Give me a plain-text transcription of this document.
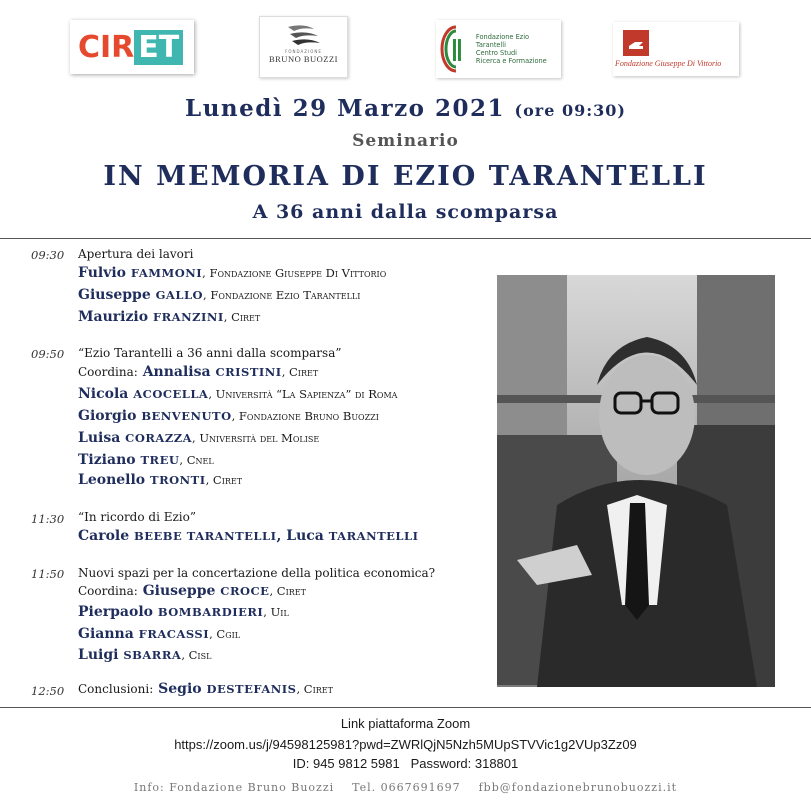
CIR ET	FONDAZIONE
BRUNO BUOZZI
Fondazione Ezio Tarantelli
Centro Studi
Ricerca e Formazione	Fondazione Giuseppe Di Vittorio
Lunedì 29 Marzo 2021 (ore 09:30)
Seminario
IN MEMORIA DI EZIO TARANTELLI
A 36 anni dalla scomparsa
09:30 Apertura dei lavori
Fulvio FAMMONI, Fondazione Giuseppe Di Vittorio
Giuseppe GALLO, Fondazione Ezio Tarantelli
Maurizio FRANZINI, Ciret
09:50 “Ezio Tarantelli a 36 anni dalla scomparsa”
Coordina: Annalisa CRISTINI, Ciret
Nicola ACOCELLA, Università “La Sapienza” di Roma
Giorgio BENVENUTO, Fondazione Bruno Buozzi
Luisa CORAZZA, Università del Molise
Tiziano TREU, Cnel
Leonello TRONTI, Ciret
11:30 “In ricordo di Ezio”
Carole BEEBE TARANTELLI, Luca TARANTELLI
11:50 Nuovi spazi per la concertazione della politica economica?
Coordina: Giuseppe CROCE, Ciret
Pierpaolo BOMBARDIERI, Uil
Gianna FRACASSI, Cgil
Luigi SBARRA, Cisl
12:50 Conclusioni: Segio DESTEFANIS, Ciret
Link piattaforma Zoom
https://zoom.us/j/94598125981?pwd=ZWRlQjN5Nzh5MUpSTVVic1g2VUp3Zz09
ID: 945 9812 5981   Password: 318801
Info: Fondazione Bruno Buozzi    Tel. 0667691697    fbb@fondazionebrunobuozzi.it
